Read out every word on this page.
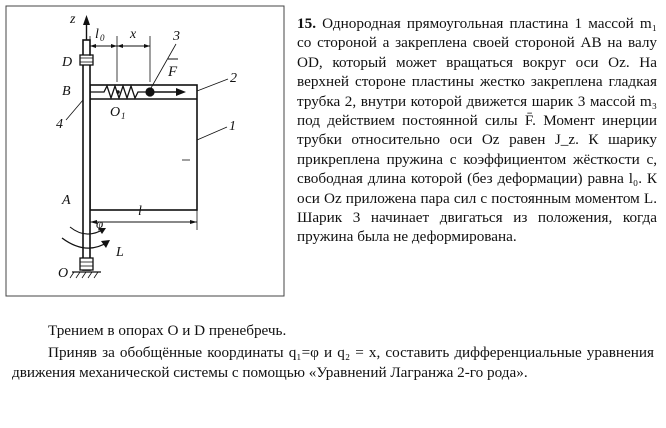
z
D
B
A
O
O 1
l 0 x
l
φ
L
F
1
2
3
4

15. Однородная прямоугольная пластина 1 массой m₁ со стороной a закреплена своей стороной AB на валу OD, который может вращаться вокруг оси Oz. На верхней стороне пластины жестко закреплена гладкая трубка 2, внутри которой движется шарик 3 массой m₃ под действием постоянной силы F̄. Момент инерции трубки относительно оси Oz равен J_z. К шарику прикреплена пружина с коэффициентом жёсткости c, свободная длина которой (без деформации) равна l₀. К оси Oz приложена пара сил с постоянным моментом L. Шарик 3 начинает двигаться из положения, когда пружина была не деформирована.

Трением в опорах O и D пренебречь.

Приняв за обобщённые координаты q₁=φ и q₂ = x, составить дифференциальные уравнения движения механической системы с помощью «Уравнений Лагранжа 2-го рода».
